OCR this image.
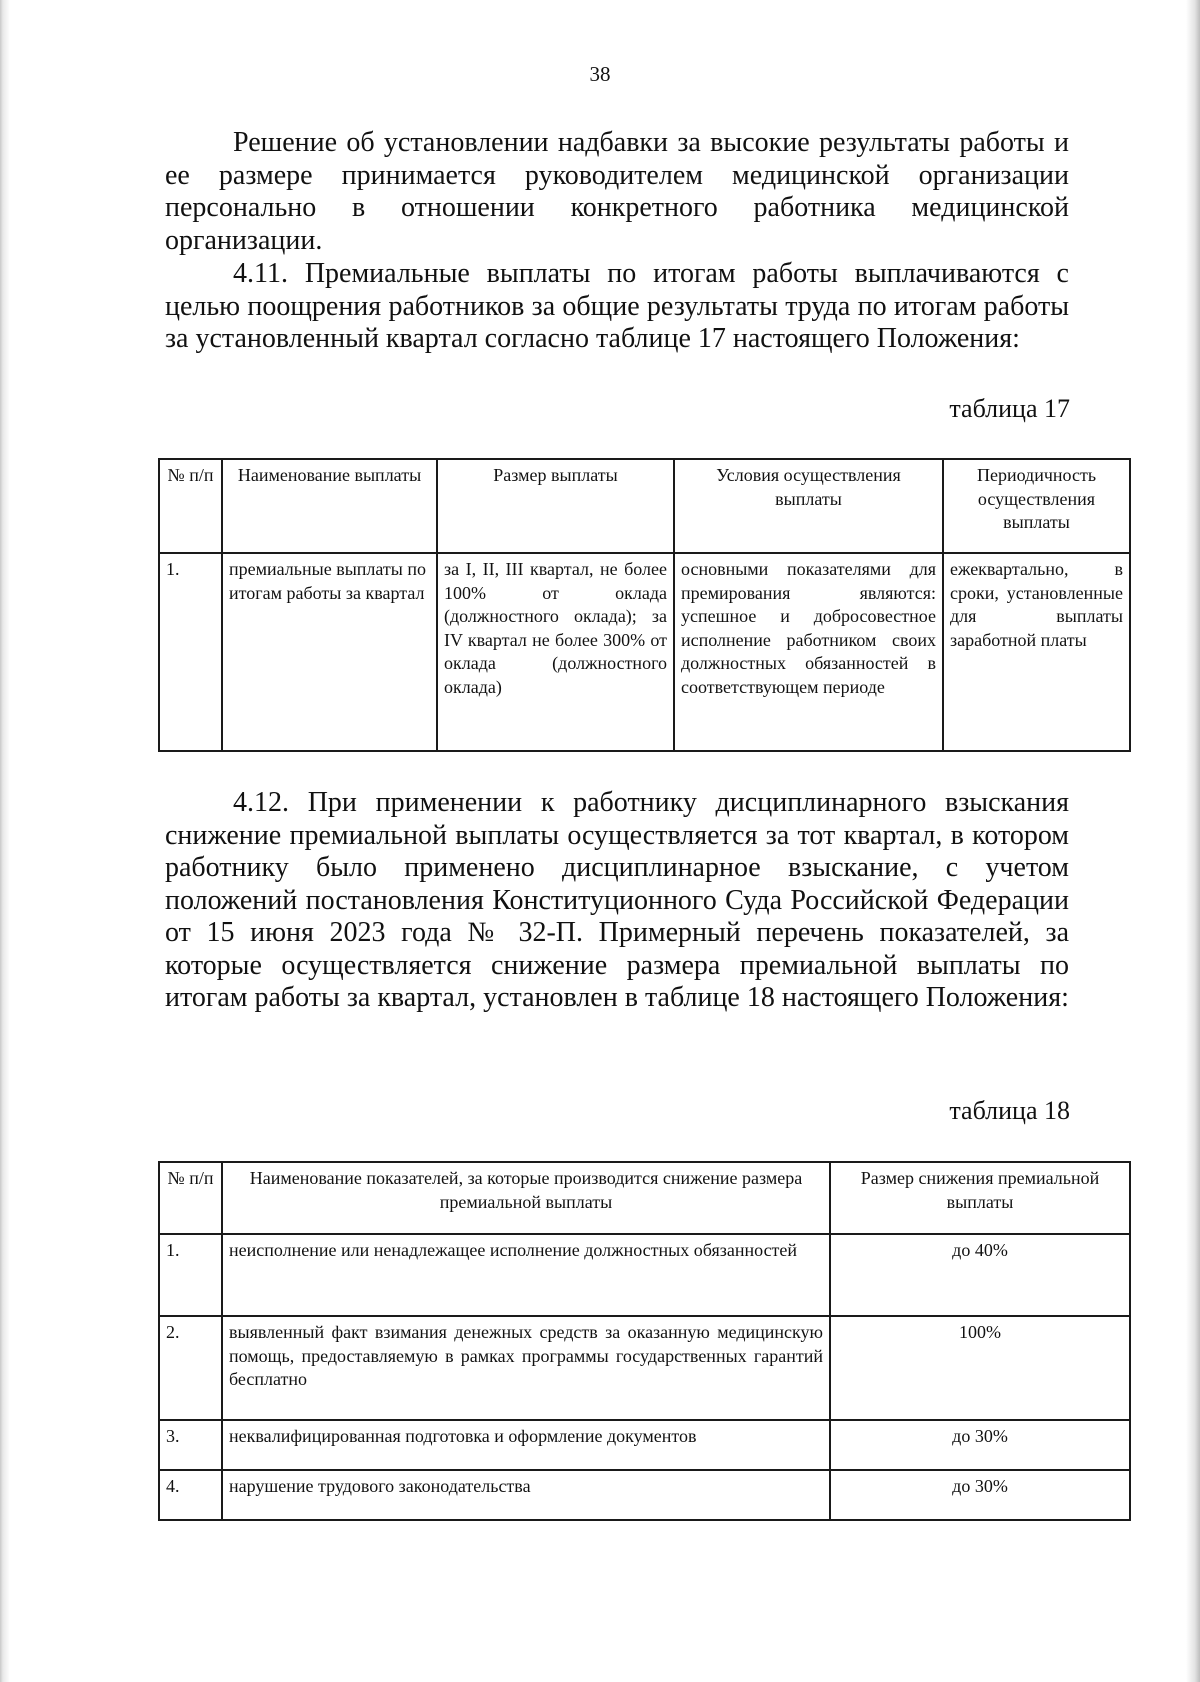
38

Решение об установлении надбавки за высокие результаты работы и ее размере принимается руководителем медицинской организации персонально в отношении конкретного работника медицинской организации.

4.11. Премиальные выплаты по итогам работы выплачиваются с целью поощрения работников за общие результаты труда по итогам работы за установленный квартал согласно таблице 17 настоящего Положения:

таблица 17
№ п/п	Наименование выплаты	Размер выплаты	Условия осуществления выплаты	Периодичность осуществления выплаты
1.	премиальные выплаты по итогам работы за квартал	за I, II, III квартал, не более 100% от оклада (должностного оклада); за IV квартал не более 300% от оклада (должностного оклада)	основными показателями для премирования являются: успешное и добросовестное исполнение работником своих должностных обязанностей в соответствующем периоде	ежеквартально, в сроки, установленные для выплаты заработной платы

4.12. При применении к работнику дисциплинарного взыскания снижение премиальной выплаты осуществляется за тот квартал, в котором работнику было применено дисциплинарное взыскание, с учетом положений постановления Конституционного Суда Российской Федерации от 15 июня 2023 года № 32-П. Примерный перечень показателей, за которые осуществляется снижение размера премиальной выплаты по итогам работы за квартал, установлен в таблице 18 настоящего Положения:

таблица 18
№ п/п	Наименование показателей, за которые производится снижение размера премиальной выплаты	Размер снижения премиальной выплаты
1.	неисполнение или ненадлежащее исполнение должностных обязанностей	до 40%
2.	выявленный факт взимания денежных средств за оказанную медицинскую помощь, предоставляемую в рамках программы государственных гарантий бесплатно	100%
3.	неквалифицированная подготовка и оформление документов	до 30%
4.	нарушение трудового законодательства	до 30%
